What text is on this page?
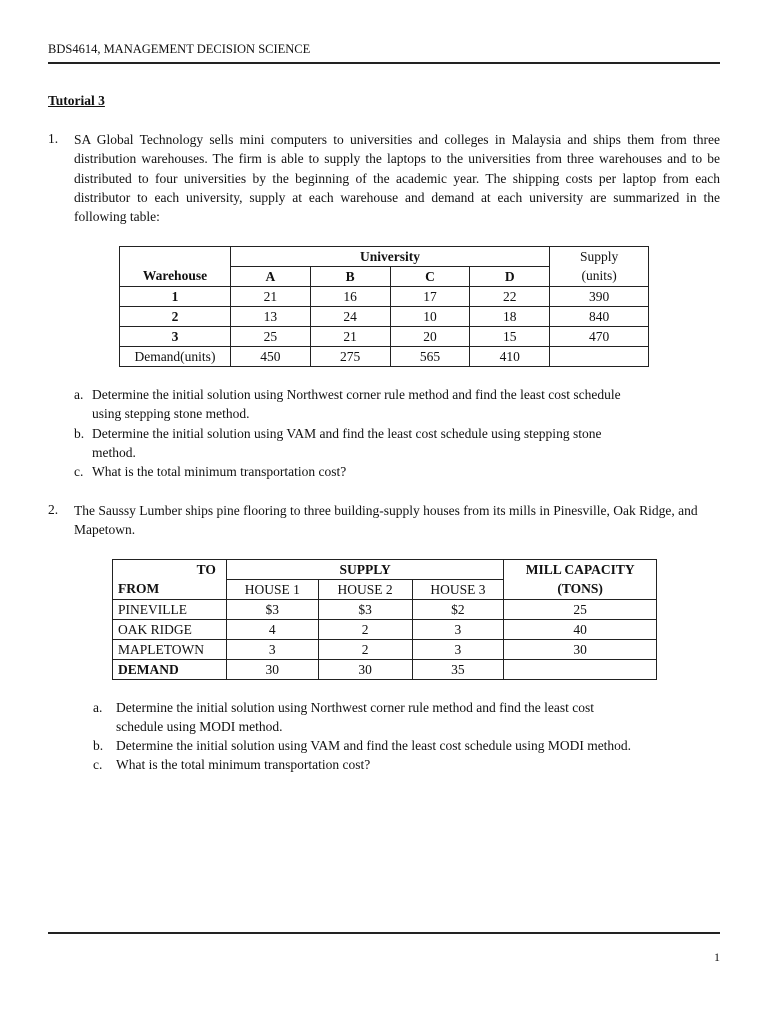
BDS4614, MANAGEMENT DECISION SCIENCE
Tutorial 3
1. SA Global Technology sells mini computers to universities and colleges in Malaysia and ships them from three distribution warehouses. The firm is able to supply the laptops to the universities from three warehouses and to be distributed to four universities by the beginning of the academic year. The shipping costs per laptop from each distributor to each university, supply at each warehouse and demand at each university are summarized in the following table:
	University				Supply
Warehouse	A	B	C	D	(units)
1	21	16	17	22	390
2	13	24	10	18	840
3	25	21	20	15	470
Demand(units)	450	275	565	410	
a. Determine the initial solution using Northwest corner rule method and find the least cost schedule
using stepping stone method.
b. Determine the initial solution using VAM and find the least cost schedule using stepping stone
method.
c. What is the total minimum transportation cost?
2. The Saussy Lumber ships pine flooring to three building-supply houses from its mills in Pinesville, Oak Ridge, and Mapetown.
TO	SUPPLY			MILL CAPACITY
FROM	HOUSE 1	HOUSE 2	HOUSE 3	(TONS)
PINEVILLE	$3	$3	$2	25
OAK RIDGE	4	2	3	40
MAPLETOWN	3	2	3	30
DEMAND	30	30	35	
a. Determine the initial solution using Northwest corner rule method and find the least cost
schedule using MODI method.
b. Determine the initial solution using VAM and find the least cost schedule using MODI method.
c. What is the total minimum transportation cost?
1
